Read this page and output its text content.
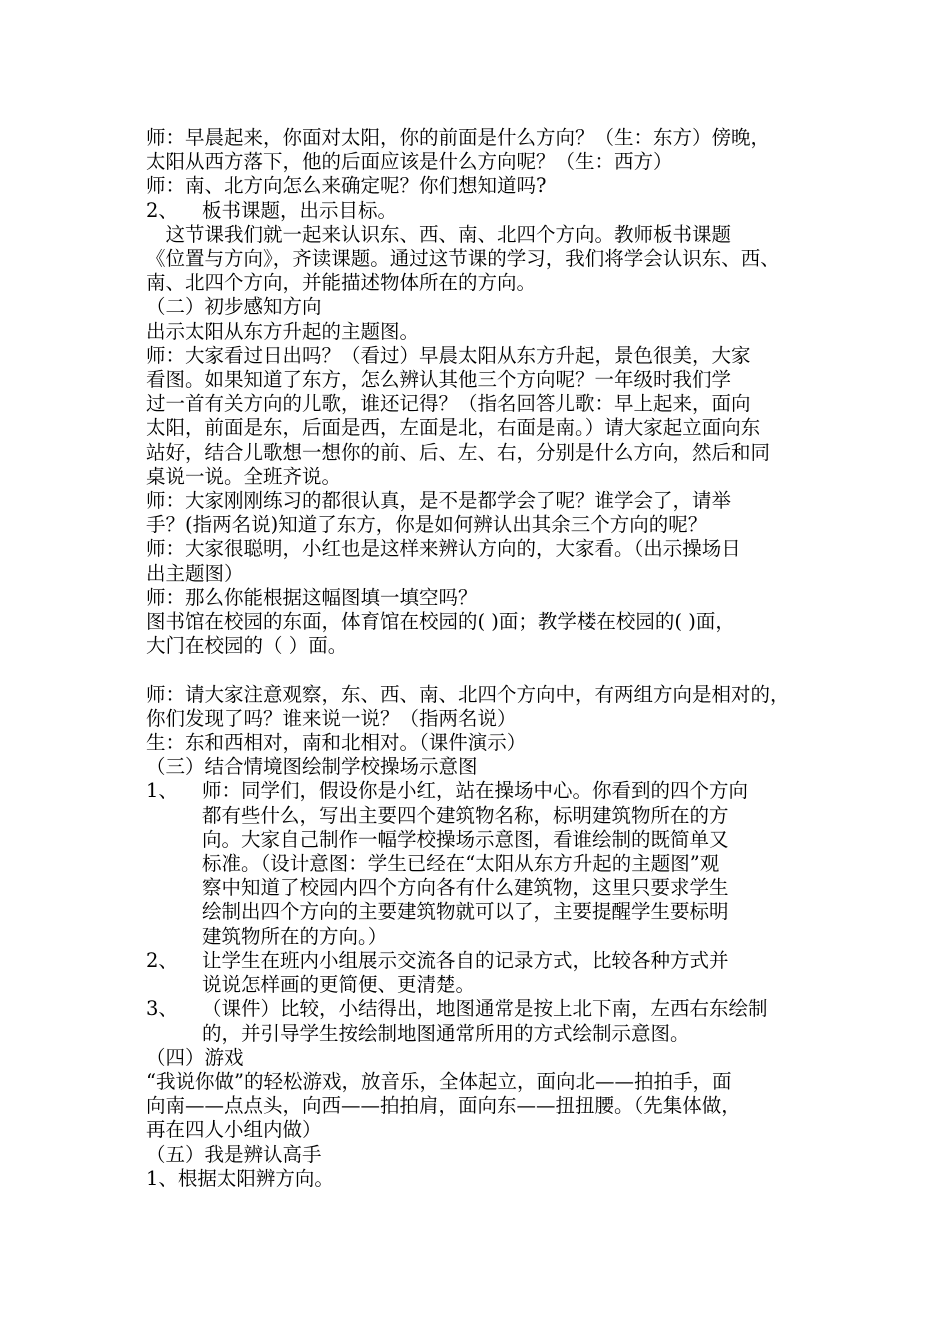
师：早晨起来，你面对太阳，你的前面是什么方向？（生：东方）傍晚，
太阳从西方落下，他的后面应该是什么方向呢？（生：西方）
师：南、北方向怎么来确定呢？你们想知道吗?
2、	板书课题，出示目标。
　这节课我们就一起来认识东、西、南、北四个方向。教师板书课题
《位置与方向》，齐读课题。通过这节课的学习，我们将学会认识东、西、
南、北四个方向，并能描述物体所在的方向。
（二）初步感知方向
出示太阳从东方升起的主题图。
师：大家看过日出吗？（看过）早晨太阳从东方升起，景色很美，大家
看图。如果知道了东方，怎么辨认其他三个方向呢？一年级时我们学
过一首有关方向的儿歌，谁还记得？（指名回答儿歌：早上起来，面向
太阳，前面是东，后面是西，左面是北，右面是南。）请大家起立面向东
站好，结合儿歌想一想你的前、后、左、右，分别是什么方向，然后和同
桌说一说。全班齐说。
师：大家刚刚练习的都很认真，是不是都学会了呢？谁学会了，请举
手？(指两名说)知道了东方，你是如何辨认出其余三个方向的呢？
师：大家很聪明，小红也是这样来辨认方向的，大家看。（出示操场日
出主题图）
师：那么你能根据这幅图填一填空吗？
图书馆在校园的东面，体育馆在校园的( )面；教学楼在校园的( )面，
大门在校园的（ ）面。
师：请大家注意观察，东、西、南、北四个方向中，有两组方向是相对的，
你们发现了吗？谁来说一说？（指两名说）
生：东和西相对，南和北相对。（课件演示）
（三）结合情境图绘制学校操场示意图
1、	师：同学们，假设你是小红，站在操场中心。你看到的四个方向
都有些什么，写出主要四个建筑物名称，标明建筑物所在的方
向。大家自己制作一幅学校操场示意图，看谁绘制的既简单又
标准。（设计意图：学生已经在“太阳从东方升起的主题图”观
察中知道了校园内四个方向各有什么建筑物，这里只要求学生
绘制出四个方向的主要建筑物就可以了，主要提醒学生要标明
建筑物所在的方向。）
2、	让学生在班内小组展示交流各自的记录方式，比较各种方式并
说说怎样画的更简便、更清楚。
3、	（课件）比较，小结得出，地图通常是按上北下南，左西右东绘制
的，并引导学生按绘制地图通常所用的方式绘制示意图。
（四）游戏
“我说你做”的轻松游戏，放音乐，全体起立，面向北——拍拍手，面
向南——点点头，向西——拍拍肩，面向东——扭扭腰。（先集体做，
再在四人小组内做）
（五）我是辨认高手
1、根据太阳辨方向。
